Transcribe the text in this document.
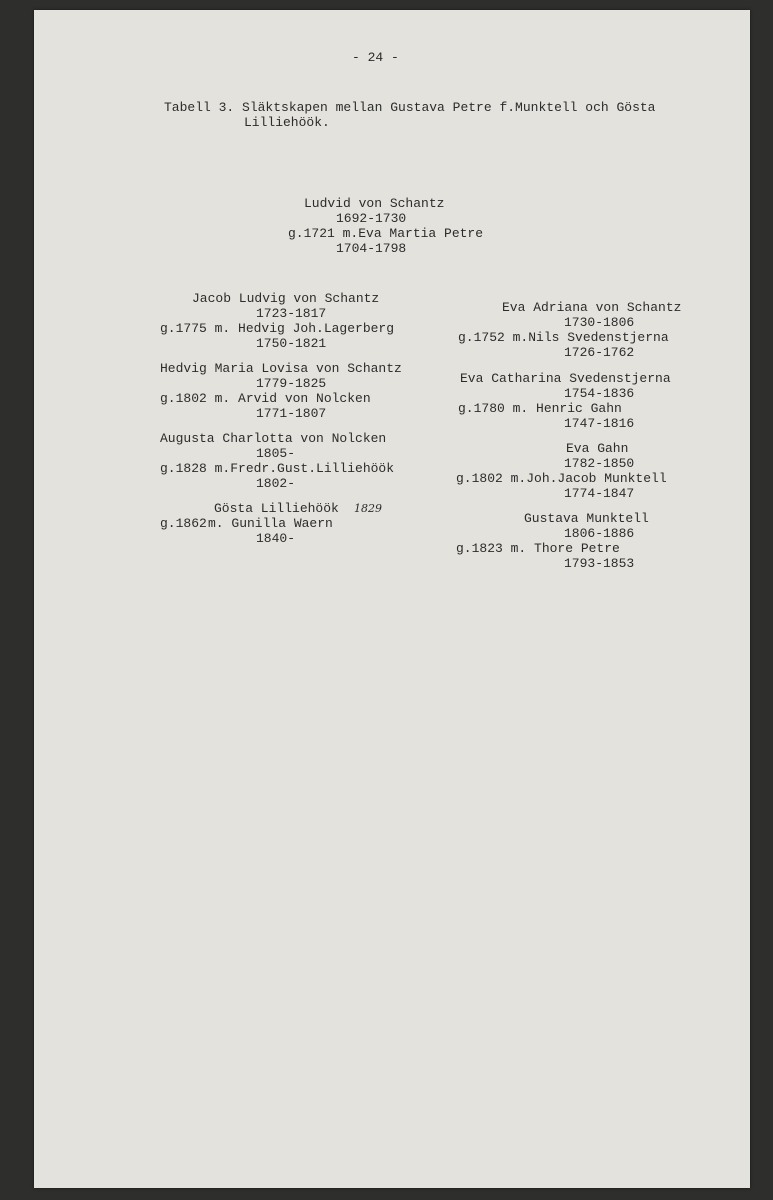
- 24 -
Tabell 3. Släktskapen mellan Gustava Petre f.Munktell och Gösta
Lilliehöök.
Ludvid von Schantz
1692-1730
g.1721 m.Eva Martia Petre
1704-1798
Jacob Ludvig von Schantz
1723-1817
g.1775 m. Hedvig Joh.Lagerberg
1750-1821
Hedvig Maria Lovisa von Schantz
1779-1825
g.1802 m. Arvid von Nolcken
1771-1807
Augusta Charlotta von Nolcken
1805-
g.1828 m.Fredr.Gust.Lilliehöök
1802-
Gösta Lilliehöök 1829
g.1862 m. Gunilla Waern
1840-
Eva Adriana von Schantz
1730-1806
g.1752 m.Nils Svedenstjerna
1726-1762
Eva Catharina Svedenstjerna
1754-1836
g.1780 m. Henric Gahn
1747-1816
Eva Gahn
1782-1850
g.1802 m.Joh.Jacob Munktell
1774-1847
Gustava Munktell
1806-1886
g.1823 m. Thore Petre
1793-1853
